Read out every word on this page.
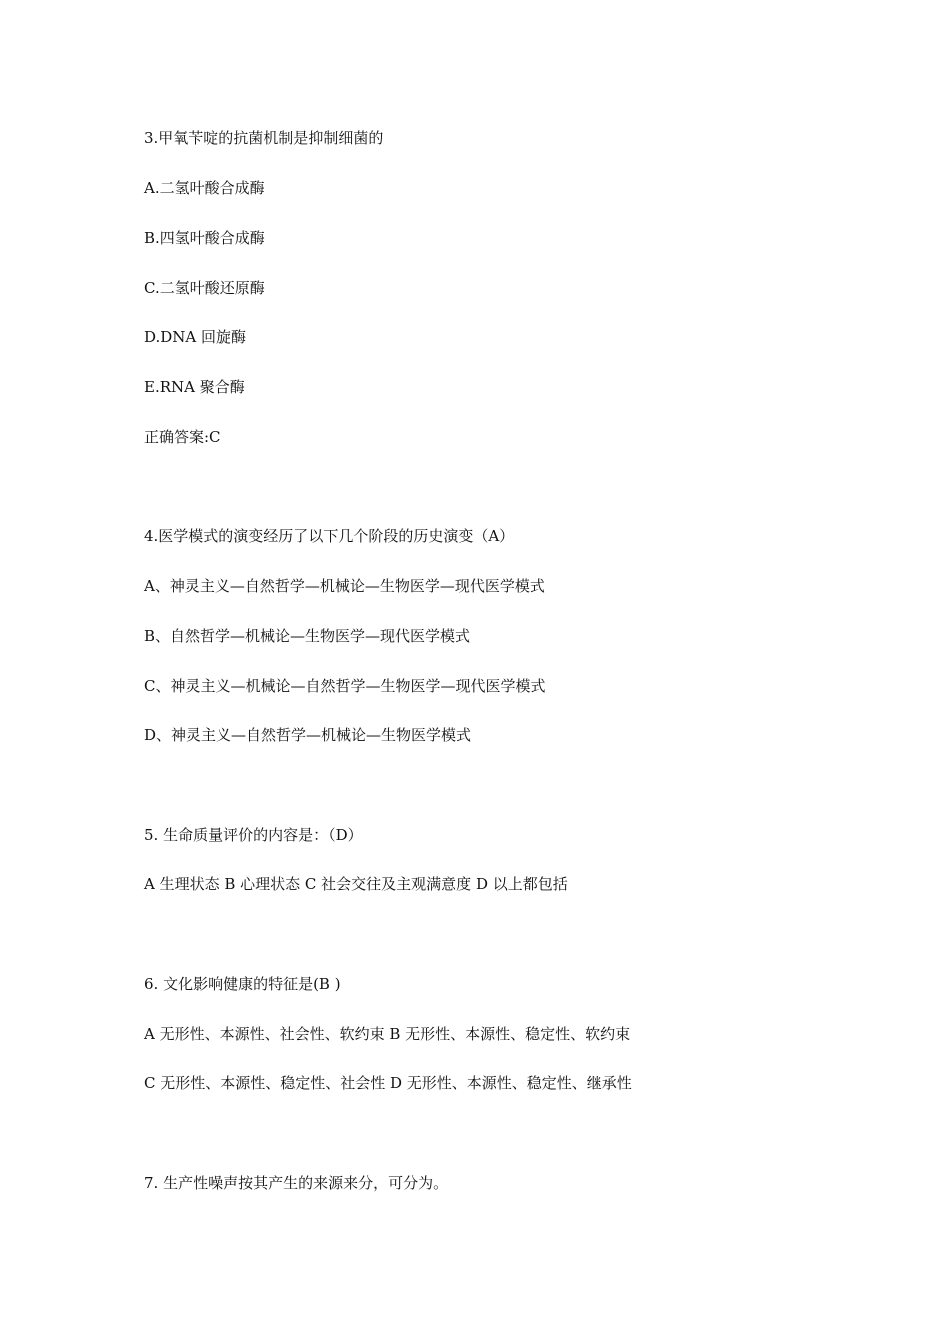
3.甲氧苄啶的抗菌机制是抑制细菌的
A.二氢叶酸合成酶
B.四氢叶酸合成酶
C.二氢叶酸还原酶
D.DNA 回旋酶
E.RNA 聚合酶
正确答案:C
4.医学模式的演变经历了以下几个阶段的历史演变（A）
A、神灵主义—自然哲学—机械论—生物医学—现代医学模式
B、自然哲学—机械论—生物医学—现代医学模式
C、神灵主义—机械论—自然哲学—生物医学—现代医学模式
D、神灵主义—自然哲学—机械论—生物医学模式
5. 生命质量评价的内容是：（D）
A 生理状态 B 心理状态 C 社会交往及主观满意度 D 以上都包括
6. 文化影响健康的特征是(B )
A 无形性、本源性、社会性、软约束 B 无形性、本源性、稳定性、软约束
C 无形性、本源性、稳定性、社会性 D 无形性、本源性、稳定性、继承性
7. 生产性噪声按其产生的来源来分，可分为。
